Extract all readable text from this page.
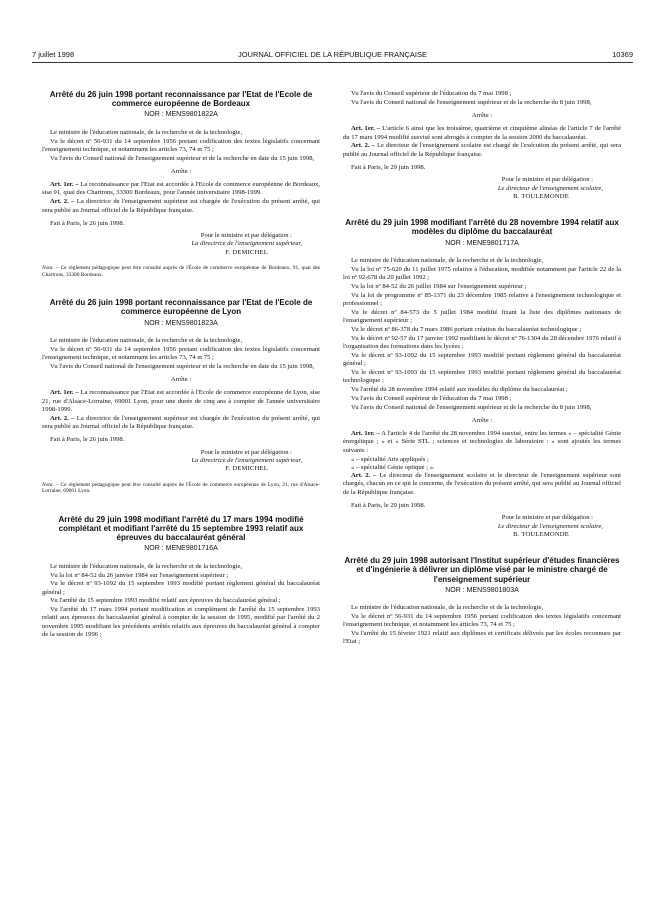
7 juillet 1998	JOURNAL OFFICIEL DE LA RÉPUBLIQUE FRANÇAISE	10369

Arrêté du 26 juin 1998 portant reconnaissance par l'Etat de l'Ecole de commerce européenne de Bordeaux

NOR : MENS9801822A

Le ministre de l'éducation nationale, de la recherche et de la technologie,

Vu le décret nº 56-931 du 14 septembre 1956 portant codification des textes législatifs concernant l'enseignement technique, et notamment les articles 73, 74 et 75 ;

Vu l'avis du Conseil national de l'enseignement supérieur et de la recherche en date du 15 juin 1998,

Arrête :

Art. 1er. – La reconnaissance par l'Etat est accordée à l'Ecole de commerce européenne de Bordeaux, sise 91, quai des Chartrons, 33300 Bordeaux, pour l'année universitaire 1998-1999.

Art. 2. – La directrice de l'enseignement supérieur est chargée de l'exécution du présent arrêté, qui sera publié au Journal officiel de la République française.

Fait à Paris, le 26 juin 1998.

Pour le ministre et par délégation :

La directrice de l'enseignement supérieur,

F. DEMICHEL

Nota. – Ce règlement pédagogique peut être consulté auprès de l'École de commerce européenne de Bordeaux, 91, quai des Chartrons, 33300 Bordeaux.

Arrêté du 26 juin 1998 portant reconnaissance par l'Etat de l'Ecole de commerce européenne de Lyon

NOR : MENS9801823A

Le ministre de l'éducation nationale, de la recherche et de la technologie,

Vu le décret nº 56-931 du 14 septembre 1956 portant codification des textes législatifs concernant l'enseignement technique, et notamment les articles 73, 74 et 75 ;

Vu l'avis du Conseil national de l'enseignement supérieur et de la recherche en date du 15 juin 1998,

Arrête :

Art. 1er. – La reconnaissance par l'Etat est accordée à l'Ecole de commerce européenne de Lyon, sise 21, rue d'Alsace-Lorraine, 69001 Lyon, pour une durée de cinq ans à compter de l'année universitaire 1998-1999.

Art. 2. – La directrice de l'enseignement supérieur est chargée de l'exécution du présent arrêté, qui sera publié au Journal officiel de la République française.

Fait à Paris, le 26 juin 1998.

Pour le ministre et par délégation :

La directrice de l'enseignement supérieur,

F. DEMICHEL

Nota. – Ce règlement pédagogique peut être consulté auprès de l'École de commerce européenne de Lyon, 21, rue d'Alsace-Lorraine, 69001 Lyon.

Arrêté du 29 juin 1998 modifiant l'arrêté du 17 mars 1994 modifié complétant et modifiant l'arrêté du 15 septembre 1993 relatif aux épreuves du baccalauréat général

NOR : MENE9801716A

Le ministre de l'éducation nationale, de la recherche et de la technologie,

Vu la loi nº 84-52 du 26 janvier 1984 sur l'enseignement supérieur ;

Vu le décret nº 93-1092 du 15 septembre 1993 modifié portant règlement général du baccalauréat général ;

Vu l'arrêté du 15 septembre 1993 modifié relatif aux épreuves du baccalauréat général ;

Vu l'arrêté du 17 mars 1994 portant modification et complément de l'arrêté du 15 septembre 1993 relatif aux épreuves du baccalauréat général à compter de la session de 1995, modifié par l'arrêté du 2 novembre 1995 modifiant les précédents arrêtés relatifs aux épreuves du baccalauréat général à compter de la session de 1996 ;

Vu l'avis du Conseil supérieur de l'éducation du 7 mai 1998 ;

Vu l'avis du Conseil national de l'enseignement supérieur et de la recherche du 8 juin 1998,

Arrête :

Art. 1er. – L'article 6 ainsi que les troisième, quatrième et cinquième alinéas de l'article 7 de l'arrêté du 17 mars 1994 modifié susvisé sont abrogés à compter de la session 2000 du baccalauréat.

Art. 2. – Le directeur de l'enseignement scolaire est chargé de l'exécution du présent arrêté, qui sera publié au Journal officiel de la République française.

Fait à Paris, le 29 juin 1998.

Pour le ministre et par délégation :

Le directeur de l'enseignement scolaire,

B. TOULEMONDE

Arrêté du 29 juin 1998 modifiant l'arrêté du 28 novembre 1994 relatif aux modèles du diplôme du baccalauréat

NOR : MENE9801717A

Le ministre de l'éducation nationale, de la recherche et de la technologie,

Vu la loi nº 75-620 du 11 juillet 1975 relative à l'éducation, modifiée notamment par l'article 22 de la loi nº 92-678 du 20 juillet 1992 ;

Vu la loi nº 84-52 du 26 juillet 1984 sur l'enseignement supérieur ;

Vu la loi de programme nº 85-1371 du 23 décembre 1985 relative à l'enseignement technologique et professionnel ;

Vu le décret nº 84-573 du 5 juillet 1984 modifié fixant la liste des diplômes nationaux de l'enseignement supérieur ;

Vu le décret nº 86-378 du 7 mars 1986 portant création du baccalauréat technologique ;

Vu le décret nº 92-57 du 17 janvier 1992 modifiant le décret nº 76-1304 du 28 décembre 1976 relatif à l'organisation des formations dans les lycées ;

Vu le décret nº 93-1092 du 15 septembre 1993 modifié portant règlement général du baccalauréat général ;

Vu le décret nº 93-1093 du 15 septembre 1993 modifié portant règlement général du baccalauréat technologique ;

Vu l'arrêté du 28 novembre 1994 relatif aux modèles du diplôme du baccalauréat ;

Vu l'avis du Conseil supérieur de l'éducation du 7 mai 1998 ;

Vu l'avis du Conseil national de l'enseignement supérieur et de la recherche du 8 juin 1998,

Arrête :

Art. 1er. – A l'article 4 de l'arrêté du 28 novembre 1994 susvisé, entre les termes « – spécialité Génie énergétique ; » et « Série STL ; sciences et technologies de laboratoire : » sont ajoutés les termes suivants :

« – spécialité Arts appliqués ;

« – spécialité Génie optique ; ».

Art. 2. – Le directeur de l'enseignement scolaire et le directeur de l'enseignement supérieur sont chargés, chacun en ce qui le concerne, de l'exécution du présent arrêté, qui sera publié au Journal officiel de la République française.

Fait à Paris, le 29 juin 1998.

Pour le ministre et par délégation :

Le directeur de l'enseignement scolaire,

B. TOULEMONDE

Arrêté du 29 juin 1998 autorisant l'Institut supérieur d'études financières et d'ingénierie à délivrer un diplôme visé par le ministre chargé de l'enseignement supérieur

NOR : MENS9801803A

Le ministre de l'éducation nationale, de la recherche et de la technologie,

Vu le décret nº 56-931 du 14 septembre 1956 portant codification des textes législatifs concernant l'enseignement technique, et notamment les articles 73, 74 et 75 ;

Vu l'arrêté du 15 février 1921 relatif aux diplômes et certificats délivrés par les écoles reconnues par l'Etat ;
